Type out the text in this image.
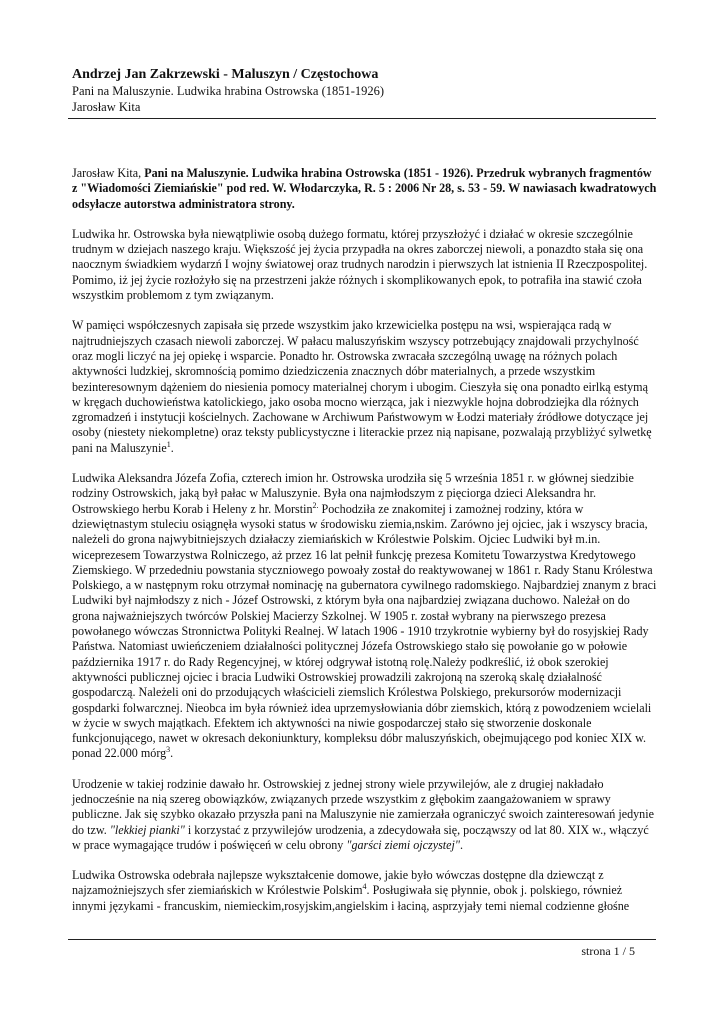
Andrzej Jan Zakrzewski - Maluszyn / Częstochowa
Pani na Maluszynie. Ludwika hrabina Ostrowska (1851-1926)
Jarosław Kita

Jarosław Kita, Pani na Maluszynie. Ludwika hrabina Ostrowska (1851 - 1926). Przedruk wybranych fragmentów z "Wiadomości Ziemiańskie" pod red. W. Włodarczyka, R. 5 : 2006 Nr 28, s. 53 - 59. W nawiasach kwadratowych odsyłacze autorstwa administratora strony.

Ludwika hr. Ostrowska była niewątpliwie osobą dużego formatu, której przyszłożyć i działać w okresie szczególnie trudnym w dziejach naszego kraju. Większość jej życia przypadła na okres zaborczej niewoli, a ponazdto stała się ona naocznym świadkiem wydarzń I wojny światowej oraz trudnych narodzin i pierwszych lat istnienia II Rzeczpospolitej. Pomimo, iż jej życie rozłożyło się na przestrzeni jakże różnych i skomplikowanych epok, to potrafiła ina stawić czoła wszystkim problemom z tym związanym.

W pamięci współczesnych zapisała się przede wszystkim jako krzewicielka postępu na wsi, wspierająca radą w najtrudniejszych czasach niewoli zaborczej. W pałacu maluszyńskim wszyscy potrzebujący znajdowali przychylność oraz mogli liczyć na jej opiekę i wsparcie. Ponadto hr. Ostrowska zwracała szczególną uwagę na różnych polach aktywności ludzkiej, skromnością pomimo dziedziczenia znacznych dóbr materialnych, a przede wszystkim bezinteresownym dążeniem do niesienia pomocy materialnej chorym i ubogim. Cieszyła się ona ponadto eirlką estymą w kręgach duchowieństwa katolickiego, jako osoba mocno wierząca, jak i niezwykle hojna dobrodziejka dla różnych zgromadzeń i instytucji kościelnych. Zachowane w Archiwum Państwowym w Łodzi materiały źródłowe dotyczące jej osoby (niestety niekompletne) oraz teksty publicystyczne i literackie przez nią napisane, pozwalają przybliżyć sylwetkę pani na Maluszynie$^1$.

Ludwika Aleksandra Józefa Zofia, czterech imion hr. Ostrowska urodziła się 5 września 1851 r. w głównej siedzibie rodziny Ostrowskich, jaką był pałac w Maluszynie. Była ona najmłodszym z pięciorga dzieci Aleksandra hr. Ostrowskiego herbu Korab i Heleny z hr. Morstin$^{2.}$ Pochodziła ze znakomitej i zamożnej rodziny, która w dziewiętnastym stuleciu osiągnęła wysoki status w środowisku ziemia,nskim. Zarówno jej ojciec, jak i wszyscy bracia, należeli do grona najwybitniejszych działaczy ziemiańskich w Królestwie Polskim. Ojciec Ludwiki był m.in. wiceprezesem Towarzystwa Rolniczego, aż przez 16 lat pełnił funkcję prezesa Komitetu Towarzystwa Kredytowego Ziemskiego. W przededniu powstania styczniowego powoały został do reaktywowanej w 1861 r. Rady Stanu Królestwa Polskiego, a w następnym roku otrzymał nominację na gubernatora cywilnego radomskiego. Najbardziej znanym z braci Ludwiki był najmłodszy z nich - Józef Ostrowski, z którym była ona najbardziej związana duchowo. Należał on do grona najważniejszych twórców Polskiej Macierzy Szkolnej. W 1905 r. został wybrany na pierwszego prezesa powołanego wówczas Stronnictwa Polityki Realnej. W latach 1906 - 1910 trzykrotnie wybierny był do rosyjskiej Rady Państwa. Natomiast uwieńczeniem działalności politycznej Józefa Ostrowskiego stało się powołanie go w połowie października 1917 r. do Rady Regencyjnej, w której odgrywał istotną rolę.Należy podkreślić, iż obok szerokiej aktywności publicznej ojciec i bracia Ludwiki Ostrowskiej prowadzili zakrojoną na szeroką skalę działalność gospodarczą. Należeli oni do przodujących właścicieli ziemslich Królestwa Polskiego, prekursorów modernizacji gospdarki folwarcznej. Nieobca im była również idea uprzemysłowiania dóbr ziemskich, którą z powodzeniem wcielali w życie w swych majątkach. Efektem ich aktywności na niwie gospodarczej stało się stworzenie doskonale funkcjonującego, nawet w okresach dekoniunktury, kompleksu dóbr maluszyńskich, obejmującego pod koniec XIX w. ponad 22.000 mórg$^3$.

Urodzenie w takiej rodzinie dawało hr. Ostrowskiej z jednej strony wiele przywilejów, ale z drugiej nakładało jednocześnie na nią szereg obowiązków, związanych przede wszystkim z głębokim zaangażowaniem w sprawy publiczne. Jak się szybko okazało przyszła pani na Maluszynie nie zamierzała ograniczyć swoich zainteresowań jedynie do tzw. "lekkiej pianki" i korzystać z przywilejów urodzenia, a zdecydowała się, począwszy od lat 80. XIX w., włączyć w prace wymagające trudów i poświęceń w celu obrony "garści ziemi ojczystej".

Ludwika Ostrowska odebrała najlepsze wykształcenie domowe, jakie było wówczas dostępne dla dziewcząt z najzamożniejszych sfer ziemiańskich w Królestwie Polskim$^4$. Posługiwała się płynnie, obok j. polskiego, również innymi językami - francuskim, niemieckim,rosyjskim,angielskim i łaciną, asprzyjały temi niemal codzienne głośne

strona 1 / 5
